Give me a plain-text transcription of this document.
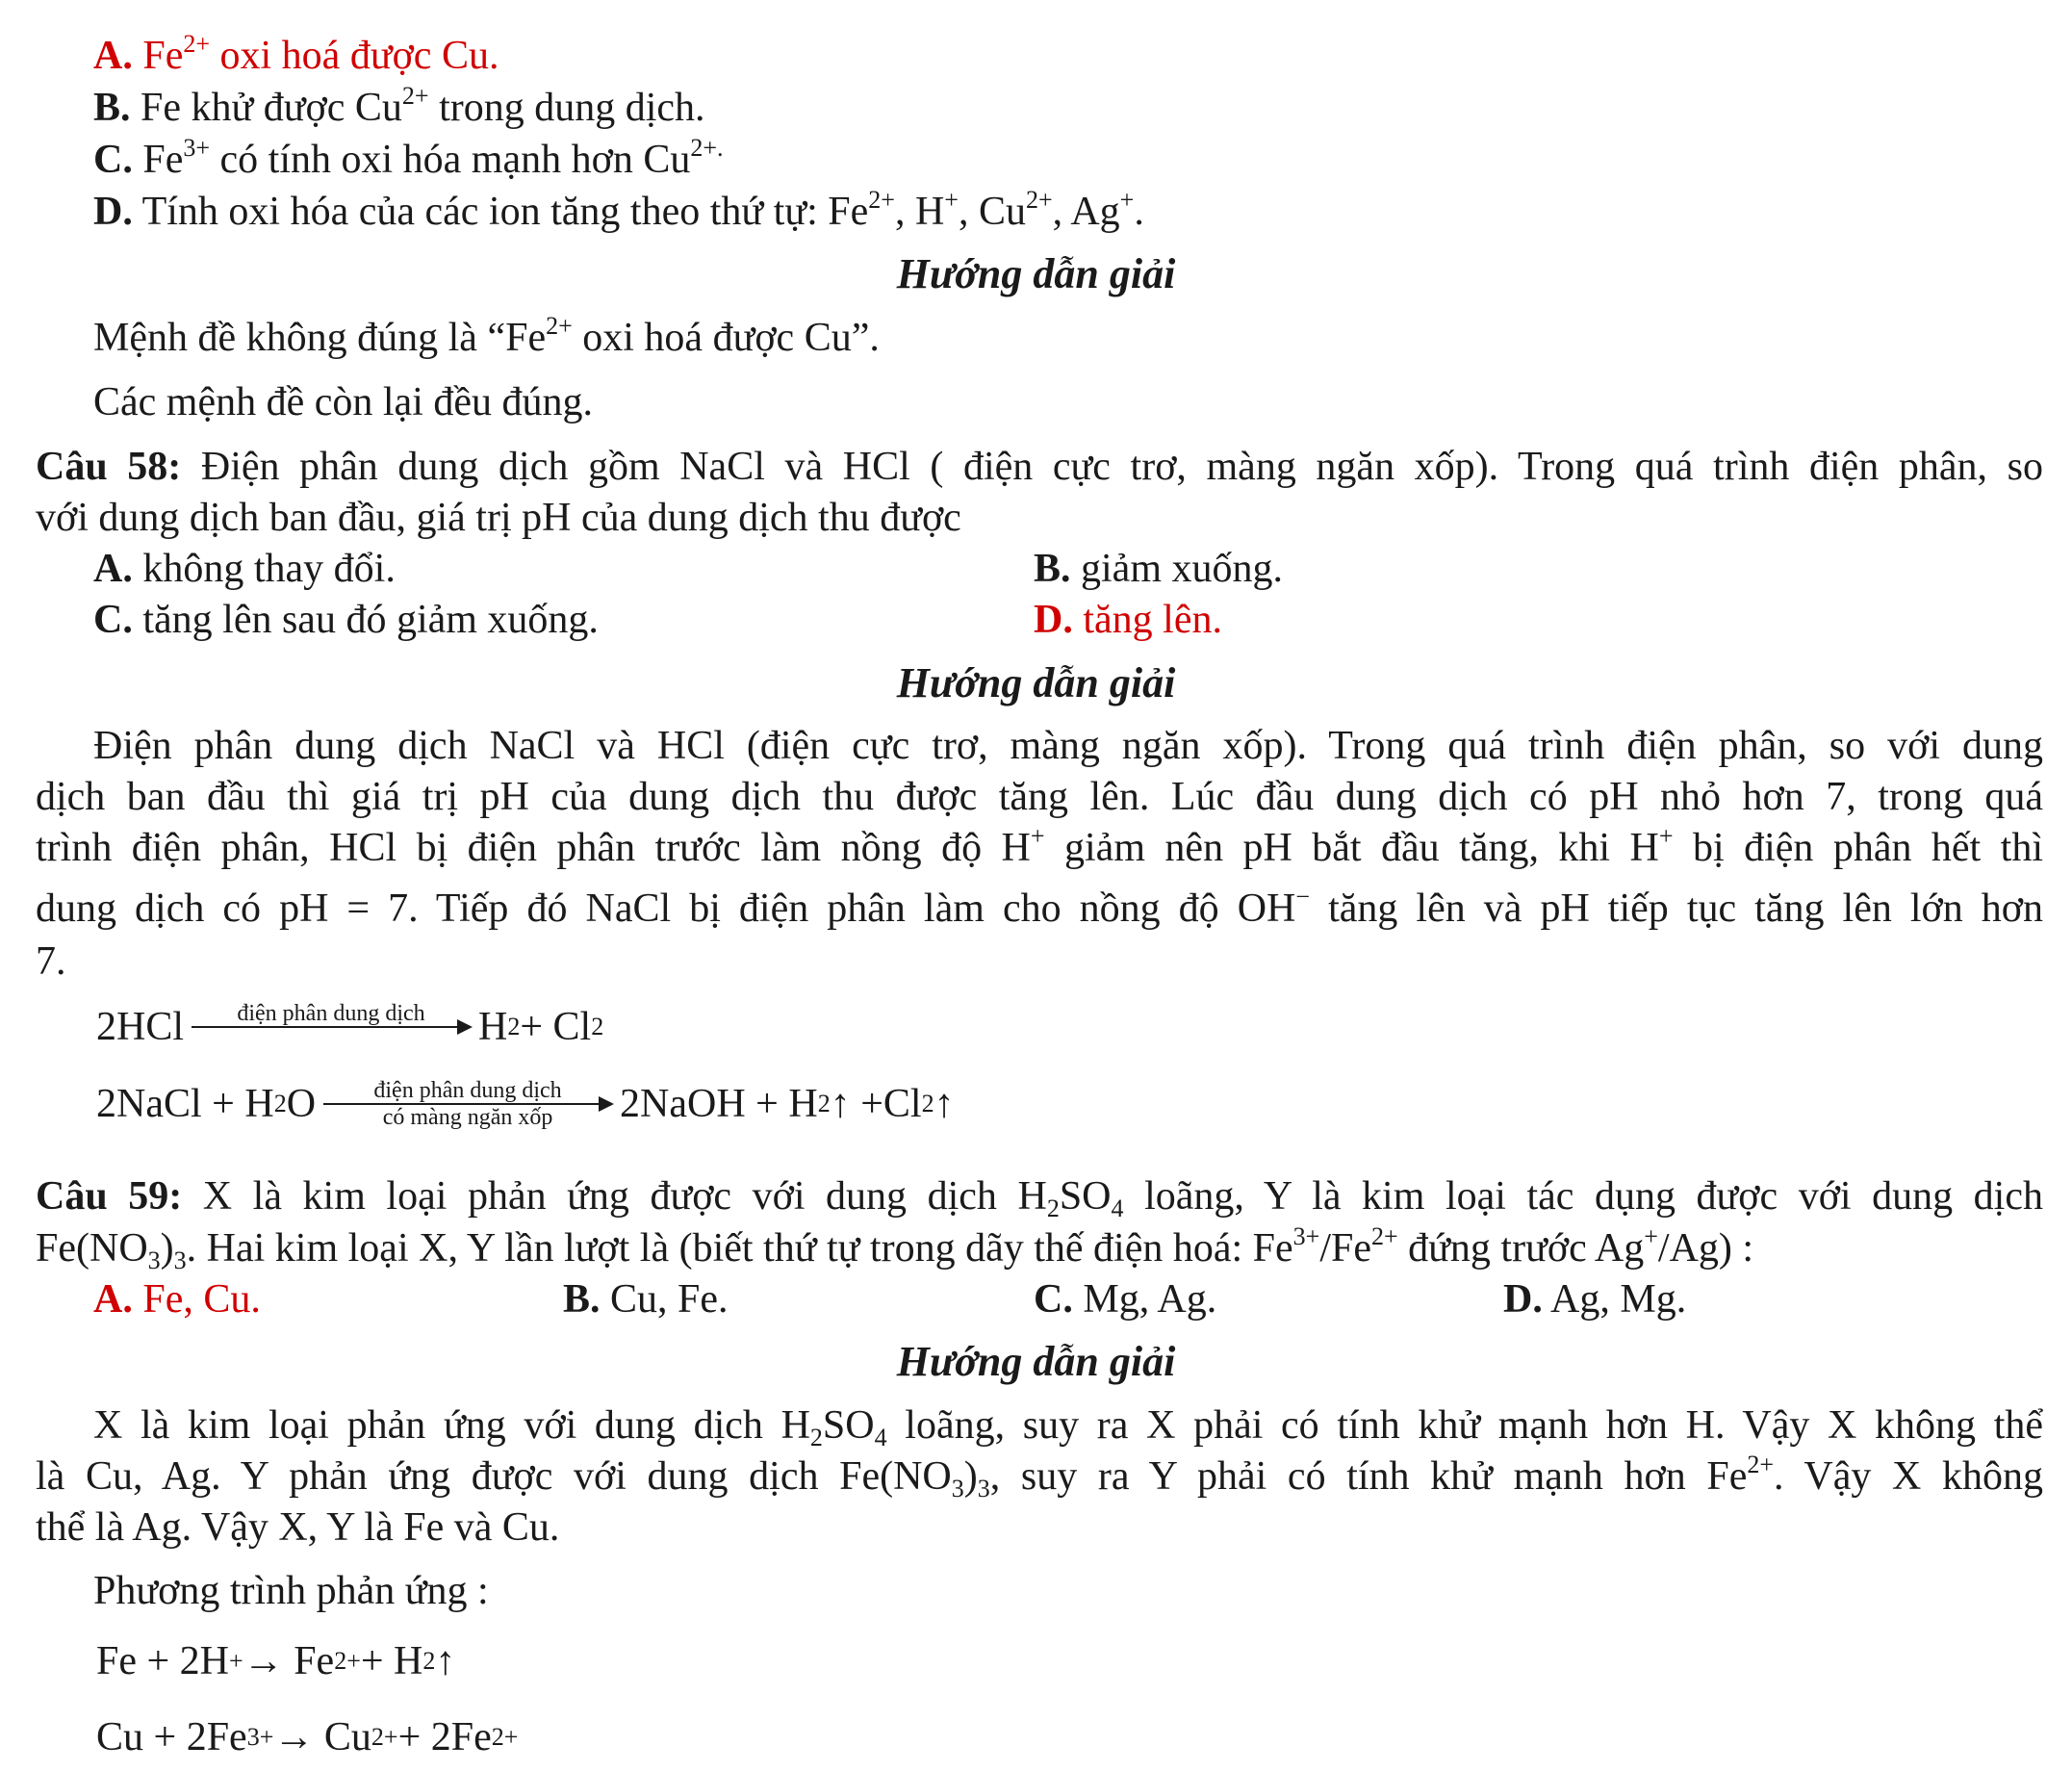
A. $Fe^{2+}$ oxi hoá được Cu.
B. Fe khử được $Cu^{2+}$ trong dung dịch.
C. $Fe^{3+}$ có tính oxi hóa mạnh hơn $Cu^{2+.}$
D. Tính oxi hóa của các ion tăng theo thứ tự: $Fe^{2+}$, H+, $Cu^{2+}$, Ag+.
Hướng dẫn giải
Mệnh đề không đúng là “$Fe^{2+}$ oxi hoá được Cu”.
Các mệnh đề còn lại đều đúng.
Câu 58: Điện phân dung dịch gồm NaCl và HCl ( điện cực trơ, màng ngăn xốp). Trong quá trình điện phân, so
với dung dịch ban đầu, giá trị pH của dung dịch thu được
A. không thay đổi.	B. giảm xuống.
C. tăng lên sau đó giảm xuống.	D. tăng lên.
Hướng dẫn giải
Điện phân dung dịch NaCl và HCl (điện cực trơ, màng ngăn xốp). Trong quá trình điện phân, so với dung
dịch ban đầu thì giá trị pH của dung dịch thu được tăng lên. Lúc đầu dung dịch có pH nhỏ hơn 7, trong quá
trình điện phân, HCl bị điện phân trước làm nồng độ H+ giảm nên pH bắt đầu tăng, khi H+ bị điện phân hết thì
dung dịch có pH = 7. Tiếp đó NaCl bị điện phân làm cho nồng độ OH− tăng lên và pH tiếp tục tăng lên lớn hơn
7.
2HCl	điện phân dung dịch
	H 2 + Cl 2
2NaCl + H 2 O	điện phân dung dịch
có màng ngăn xốp	2NaOH + H 2 ↑ +Cl 2 ↑
Câu 59: X là kim loại phản ứng được với dung dịch $H_2SO_4$ loãng, Y là kim loại tác dụng được với dung dịch
$Fe(NO_3)_3$. Hai kim loại X, Y lần lượt là (biết thứ tự trong dãy thế điện hoá: $Fe^{3+}/Fe^{2+}$ đứng trước Ag+/Ag) :
A. Fe, Cu.	B. Cu, Fe.	C. Mg, Ag.	D. Ag, Mg.
Hướng dẫn giải
X là kim loại phản ứng với dung dịch $H_2SO_4$ loãng, suy ra X phải có tính khử mạnh hơn H. Vậy X không thể
là Cu, Ag. Y phản ứng được với dung dịch $Fe(NO_3)_3$, suy ra Y phải có tính khử mạnh hơn $Fe^{2+}$. Vậy X không
thể là Ag. Vậy X, Y là Fe và Cu.
Phương trình phản ứng :
Fe + 2H + → Fe 2+ + H 2 ↑
Cu + 2Fe 3+ → Cu 2+ + 2Fe 2+
